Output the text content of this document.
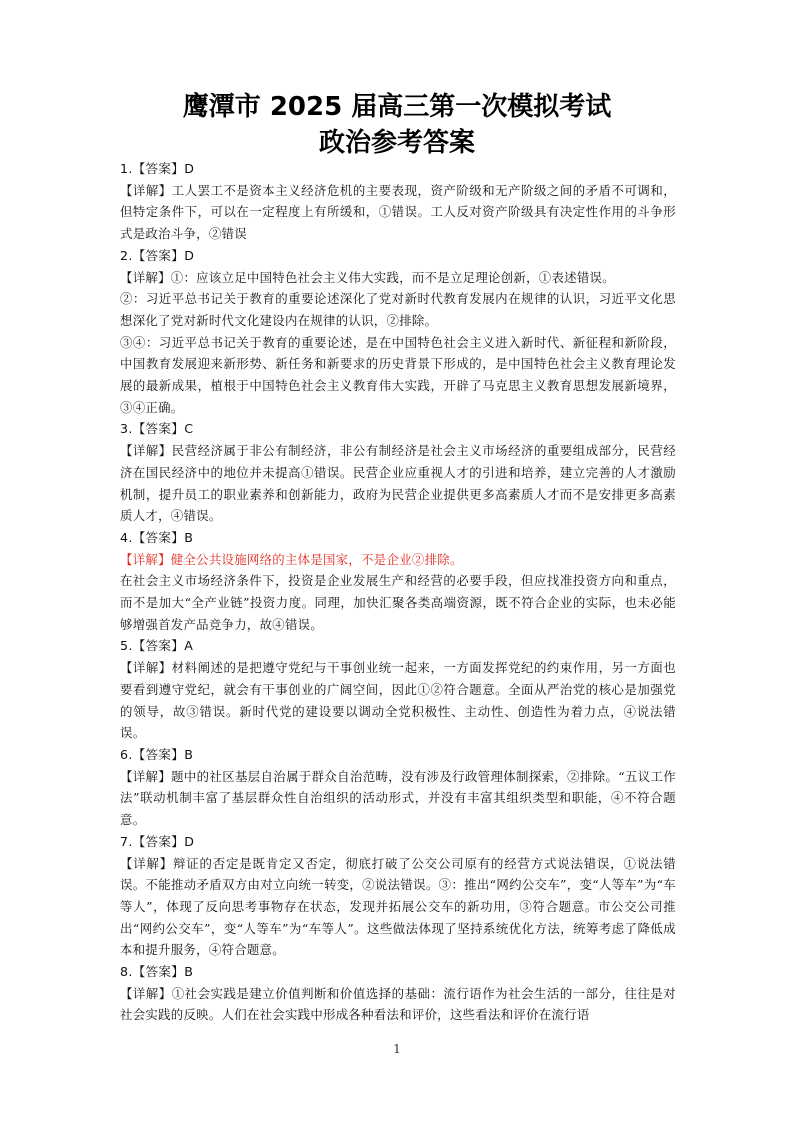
鹰潭市 2025 届高三第一次模拟考试
政治参考答案

1.【答案】D

【详解】工人罢工不是资本主义经济危机的主要表现，资产阶级和无产阶级之间的矛盾不可调和，但特定条件下，可以在一定程度上有所缓和，①错误。工人反对资产阶级具有决定性作用的斗争形式是政治斗争，②错误

2.【答案】D

【详解】①：应该立足中国特色社会主义伟大实践，而不是立足理论创新，①表述错误。

②：习近平总书记关于教育的重要论述深化了党对新时代教育发展内在规律的认识，习近平文化思想深化了党对新时代文化建设内在规律的认识，②排除。

③④：习近平总书记关于教育的重要论述，是在中国特色社会主义进入新时代、新征程和新阶段，中国教育发展迎来新形势、新任务和新要求的历史背景下形成的，是中国特色社会主义教育理论发展的最新成果，植根于中国特色社会主义教育伟大实践，开辟了马克思主义教育思想发展新境界，③④正确。

3.【答案】C

【详解】民营经济属于非公有制经济，非公有制经济是社会主义市场经济的重要组成部分，民营经济在国民经济中的地位并未提高①错误。民营企业应重视人才的引进和培养，建立完善的人才激励机制，提升员工的职业素养和创新能力，政府为民营企业提供更多高素质人才而不是安排更多高素质人才，④错误。

4.【答案】B

【详解】健全公共设施网络的主体是国家，不是企业②排除。

在社会主义市场经济条件下，投资是企业发展生产和经营的必要手段，但应找准投资方向和重点，而不是加大“全产业链”投资力度。同理，加快汇聚各类高端资源，既不符合企业的实际，也未必能够增强首发产品竞争力，故④错误。

5.【答案】A

【详解】材料阐述的是把遵守党纪与干事创业统一起来，一方面发挥党纪的约束作用，另一方面也要看到遵守党纪，就会有干事创业的广阔空间，因此①②符合题意。全面从严治党的核心是加强党的领导，故③错误。新时代党的建设要以调动全党积极性、主动性、创造性为着力点，④说法错误。

6.【答案】B

【详解】题中的社区基层自治属于群众自治范畴，没有涉及行政管理体制探索，②排除。“五议工作法”联动机制丰富了基层群众性自治组织的活动形式，并没有丰富其组织类型和职能，④不符合题意。

7.【答案】D

【详解】辩证的否定是既肯定又否定，彻底打破了公交公司原有的经营方式说法错误，①说法错误。不能推动矛盾双方由对立向统一转变，②说法错误。③：推出“网约公交车”，变“人等车”为“车等人”，体现了反向思考事物存在状态，发现并拓展公交车的新功用，③符合题意。市公交公司推出“网约公交车”，变“人等车”为“车等人”。这些做法体现了坚持系统优化方法，统筹考虑了降低成本和提升服务，④符合题意。

8.【答案】B

【详解】①社会实践是建立价值判断和价值选择的基础：流行语作为社会生活的一部分，往往是对社会实践的反映。人们在社会实践中形成各种看法和评价，这些看法和评价在流行语

1
